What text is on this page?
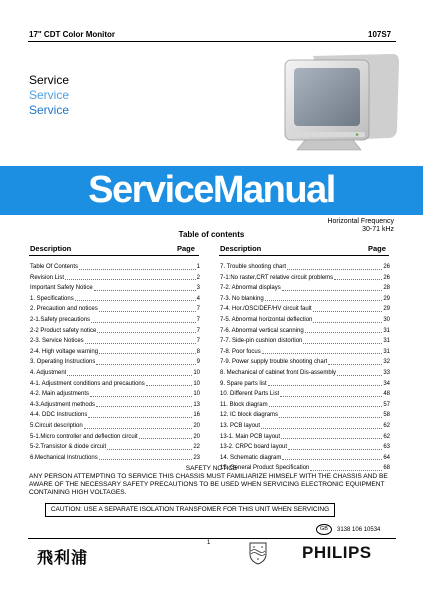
17" CDT Color Monitor	107S7
Service
Service
Service
ServiceManual
Horizontal Frequency
30-71 kHz
Table of contents
Description	Page	Description	Page
Table Of Contents	1
Revision List	2
Important Safety Notice	3
1. Specifications	4
2. Precaution and notices	7
2-1.Safety precautions	7
2-2 Product safety notice	7
2-3. Service Notices	7
2-4. High voltage warning	8
3. Operating Instructions	9
4. Adjustment	10
4-1. Adjustment conditions and precautions	10
4-2. Main adjustments	10
4-3.Adjustment methods	13
4-4. DDC Instructions	16
5.Circuit description	20
5-1.Micro controller and deflection circuit	20
5-2.Transistor & diode circuit	22
6.Mechanical Instructions	23
7. Trouble shooting chart	26
7-1:No raster,CRT relative circuit problems	26
7-2. Abnormal displays	28
7-3. No blanking	29
7-4. Hor./OSC/DEF/HV circuit fault	29
7-5. Abnormal horizontal deflection	30
7-6. Abnormal vertical scanning	31
7-7. Side-pin cushion distortion	31
7-8. Poor focus	31
7-9. Power supply trouble shooting chart	32
8. Mechanical of cabinet front Dis-assembly	33
9. Spare parts list	34
10. Different Parts List	48
11. Block diagram	57
12. IC block diagrams	58
13. PCB layout	62
13-1. Main PCB layout	62
13-2. CRPC board layout	63
14. Schematic diagram	64
15. General Product Specification	68
SAFETY NOTICE
ANY PERSON ATTEMPTING TO SERVICE THIS CHASSIS MUST FAMILIARIZE HIMSELF WITH THE CHASSIS AND BE AWARE OF THE NECESSARY SAFETY PRECAUTIONS TO BE USED WHEN SERVICING ELECTRONIC EQUIPMENT CONTAINING HIGH VOLTAGES.
CAUTION: USE A SEPARATE ISOLATION TRANSFOMER FOR THIS UNIT WHEN SERVICING
GB	3138 106 10534
1
飛利浦	PHILIPS
